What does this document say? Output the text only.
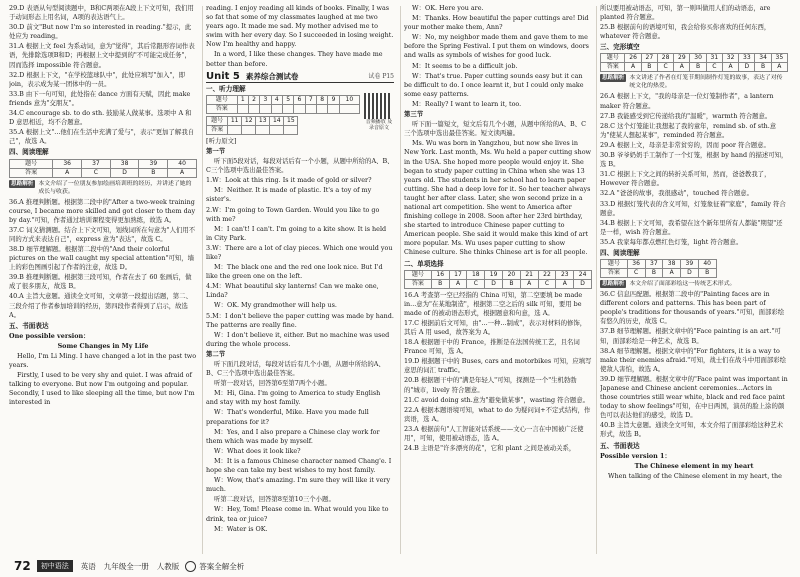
29.D 表语从句型阅读题中，B和C两项在A段上下文可知，我们用于动词形态上用名词，A项的表达语气上。

30.D 前文"But now I'm so interested in reading."提示，此处应为 reading。

31.A 根据上文 feel 为系动词，意为"觉得"，其后常跟形容词作表语，先排除选项B和D；再根据上文中提到的"不可能完成任务"，因而选择 impossible 符合题意。

32.D 根据上下文，"在学校篮球队中"，此处应填写"加入"，即 join，表示成为某一团体中的一员。

33.B 由下一句可知，此处指在 dance 方面有天赋，因此 make friends 意为"交朋友"。

34.C encourage sb. to do sth. 鼓励某人做某事。选项中 A 和 D 意思相近，均不合题意。

35.A 根据上文"...他们在生活中充满了爱与"，表示"更加了解我自己"，故选 A。

四、阅读理解
题号	36	37	38	39	40
答案	A	C	D	B	A
思路解析 本文介绍了一位朋友参加绘画培训班的经历，并讲述了她的成长与收获。

36.A 推理判断题。根据第二段中的"After a two-week training course, I became more skilled and got closer to them day by day."可知，作者通过培训课程变得更加熟练，故选 A。

37.C 词义猜测题。结合上下文可知，划线词所在句意为"人们用不同的方式来表达自己"，express 意为"表达"，故选 C。

38.D 细节理解题。根据第二段中的"And their colorful pictures on the wall caught my special attention"可知，墙上的彩色图画引起了作者的注意，故选 D。

39.B 推理判断题。根据第三段可知，作者在去了 60 张画后，做成了很多朋友，故选 B。

40.A 主旨大意题。通读全文可知，文章第一段提出话题，第二、三段介绍了作者参加培训的经历，第四段作者得到了启示，故选 A。

五、书面表达

One possible version：

Some Changes in My Life

Hello, I'm Li Ming. I have changed a lot in the past two years.

Firstly, I used to be very shy and quiet. I was afraid of talking to everyone. But now I'm outgoing and popular. Secondly, I used to like sleeping all the time, but now I'm interested in

reading. I enjoy reading all kinds of books. Finally, I was so fat that some of my classmates laughed at me two years ago. It made me sad. My mother advised me to swim with her every day. So I succeeded in losing weight. Now I'm healthy and happy.

In a word, I like these changes. They have made me better than before.

Unit 5 素养综合测试卷	试卷 P15
一、听力理解
题号	1	2	3	4	5	6	7	8	9	10
答案										
题号	11	12	13	14	15
答案					
音频播放 及录音原文

[听力原文]

第一节

听下面5段对话，每段对话后有一个小题，从题中所给的A、B、C三个选项中选出最佳答案。

1.W：Look at this ring. Is it made of gold or silver?

M：Neither. It is made of plastic. It's a toy of my sister's.

2.W：I'm going to Town Garden. Would you like to go with me?

M：I can't! I can't. I'm going to a kite show. It is held in City Park.

3.W：There are a lot of clay pieces. Which one would you like?

M：The black one and the red one look nice. But I'd like the green one on the left.

4.M：What beautiful sky lanterns! Can we make one, Linda?

W：OK. My grandmother will help us.

5.M：I don't believe the paper cutting was made by hand. The patterns are really fine.

W：I don't believe it, either. But no machine was used during the whole process.

第二节

听下面几段对话，每段对话后有几个小题，从题中所给的A、B、C三个选项中选出最佳答案。

听第一段对话，回答第6至第7两个小题。

M：Hi, Gina. I'm going to America to study English and stay with my host family.

W：That's wonderful, Mike. Have you made full preparations for it?

M：Yes, and I also prepare a Chinese clay work for them which was made by myself.

W：What does it look like?

M：It is a famous Chinese character named Chang'e. I hope she can take my best wishes to my host family.

W：Wow, that's amazing. I'm sure they will like it very much.

听第二段对话，回答第8至第10三个小题。

W：Hey, Tom! Please come in. What would you like to drink, tea or juice?

M：Water is OK.

W：OK. Here you are.

M：Thanks. How beautiful the paper cuttings are! Did your mother make them, Ann?

W：No, my neighbor made them and gave them to me before the Spring Festival. I put them on windows, doors and walls as symbols of wishes for good luck.

M：It seems to be a difficult job.

W：That's true. Paper cutting sounds easy but it can be difficult to do. I once learnt it, but I could only make some easy patterns.

M：Really? I want to learn it, too.

第三节

听下面一篇短文，短文后有几个小题，从题中所给的A、B、C三个选项中选出最佳答案。短文读两遍。

Ms. Wu was born in Yangzhou, but now she lives in New York. Last month, Ms. Wu held a paper cutting show in the USA. She hoped more people would enjoy it. She began to study paper cutting in China when she was 13 years old. The students in her school had to learn paper cutting. She had a deep love for it. So her teacher always taught her after class. Later, she won second prize in a national art competition. She went to America after finishing college in 2008. Soon after her 23rd birthday, she started to introduce Chinese paper cutting to American people. She said it would make this kind of art more popular. Ms. Wu uses paper cutting to show Chinese culture. She thinks Chinese art is for all people.

二、单项选择
题号	16	17	18	19	20	21	22	23	24
答案	B	A	C	D	B	A	C	A	D

16.A 考查第一空已经指的 China 可知，第二空要填 be made in...意为"在某地制造"，根据第二空之后的 silk 可知，要用 be made of 的被动语态形式，根据题意和句意，选 A。

17.C 根据前后文可知，由"...一种...制成"，表示对材料的修饰，其后 A 用 used，故答案为 A。

18.A 根据题干中的 France，推断是在法国传统工艺，且名词 France 可知，选 A。

19.D 根据题干中的 Buses, cars and motorbikes 可知，应填写意思的词汇 traffic。

20.B 根据题干中的"满是年轻人"可知，探测是一个"生机勃勃的"城市，lively 符合题意。

21.C avoid doing sth.意为"避免做某事"，wasting 符合题意。

22.A 根据本题语境可知，what to do 为疑问词+不定式结构，作宾语，选 A。

23.A 根据前句"人工智能对话系统——文心一言在中国被广泛使用"，可知，使用被动语态，选 A。

24.B 主语是"许多漂亮的花"，它和 plant 之间是被动关系，

所以要用被动语态，可知，第一则叫做用人们的动语态，are planted 符合题意。

25.B 根据前句的语境可知，我会给你买你喜欢的任何东西，whatever 符合题意。

三、完形填空
题号	26	27	28	29	30	31	32	33	34	35
答案	A	B	C	A	B	C	A	D	B	A
思路解析 本文讲述了作者在灯笼节期间制作灯笼的故事，表达了对传统文化的热爱。

26.A 根据上下文，"我的母亲是一位灯笼制作者"，a lantern maker 符合题意。

27.B 我能感受到它传递给我的"温暖"，warmth 符合题意。

28.C 这个灯笼能让我想起了我的童年，remind sb. of sth.意为"使某人想起某事"，reminded 符合题意。

29.A 根据上文，母亲是非常贫穷的，因而 poor 符合题意。

30.B 爷爷奶奶手工制作了一个灯笼，根据 by hand 的描述可知，选 B。

31.C 根据上下文之间的转折关系可知，然而，爸爸教我了，However 符合题意。

32.A "爸爸的故事，我很感动"，touched 符合题意。

33.D 根据灯笼代表的含义可知，灯笼象征着"家庭"，family 符合题意。

34.B 根据上下文可知，我希望在这个新年里所有人都能"期望"还是一样，wish 符合题意。

35.A 我家每年都点燃红色灯笼，light 符合题意。

四、阅读理解
题号	36	37	38	39	40
答案	C	B	A	D	B
思路解析 本文介绍了面部彩绘这一传统艺术形式。

36.C 信息匹配题。根据第二段中的"Painting faces are in different colors and patterns. This has been part of people's traditions for thousands of years."可知，面部彩绘有悠久的历史，故选 C。

37.B 细节理解题。根据文章中的"Face painting is an art."可知，面部彩绘是一种艺术，故选 B。

38.A 细节理解题。根据文章中的"For fighters, it is a way to make their enemies afraid."可知，战士们在战斗中用面部彩绘使敌人害怕，故选 A。

39.D 细节理解题。根据文章中的"Face paint was important in Japanese and Chinese ancient ceremonies...Actors in those countries still wear white, black and red face paint today to show feelings"可知，在中日两国，演员的脸上涂的颜色可以表达他们的感受，故选 D。

40.B 主旨大意题。通读全文可知，本文介绍了面部彩绘这种艺术形式，故选 B。

五、书面表达

Possible version 1：

The Chinese element in my heart

When talking of the Chinese element in my heart, the

72	初中语法	英语 九年级全一册 人教版	答案全解全析
